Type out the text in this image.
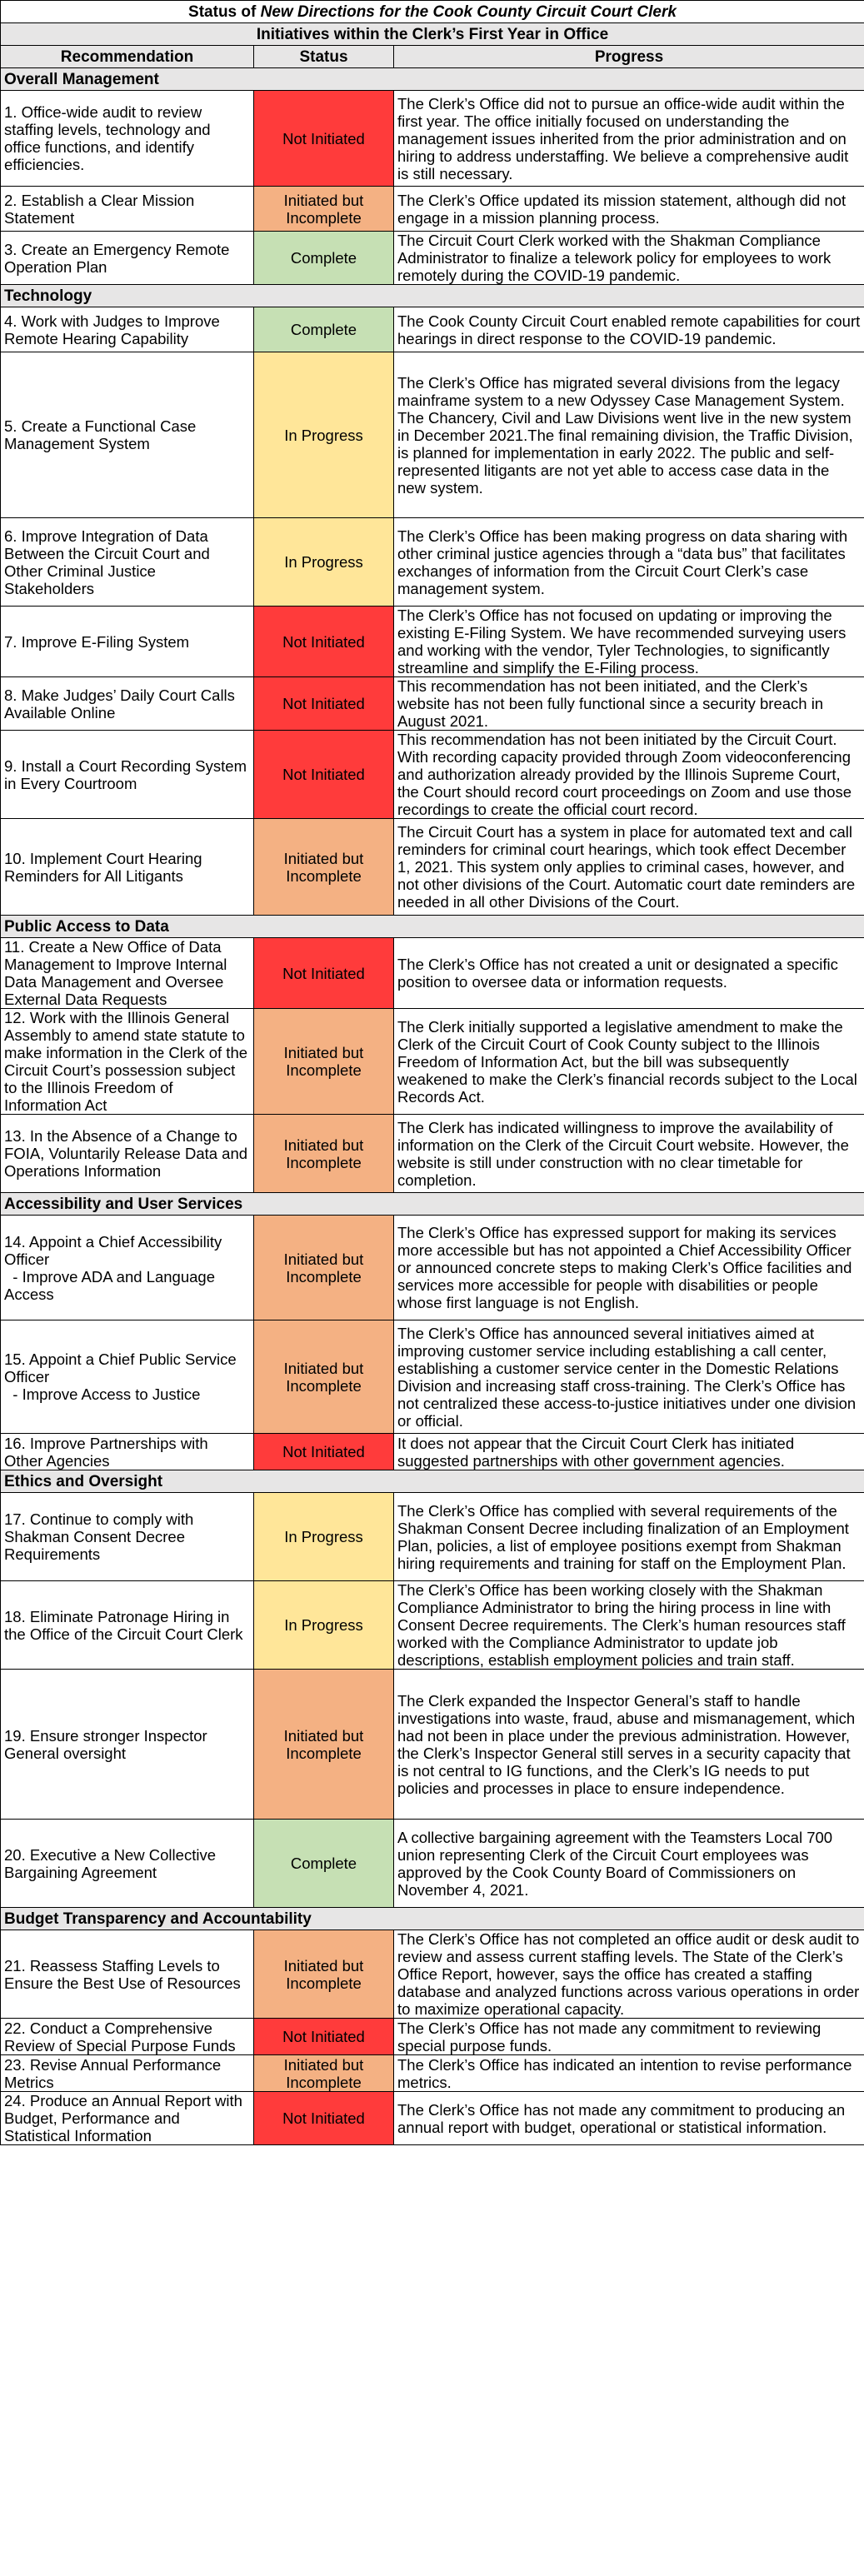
Status of New Directions for the Cook County Circuit Court Clerk		
Initiatives within the Clerk’s First Year in Office		
Recommendation	Status	Progress
Overall Management		
1. Office-wide audit to review staffing levels, technology and office functions, and identify efficiencies.	Not Initiated	The Clerk’s Office did not to pursue an office-wide audit within the first year. The office initially focused on understanding the management issues inherited from the prior administration and on hiring to address understaffing. We believe a comprehensive audit is still necessary.
2. Establish a Clear Mission Statement	Initiated but Incomplete	The Clerk’s Office updated its mission statement, although did not engage in a mission planning process.
3. Create an Emergency Remote Operation Plan	Complete	The Circuit Court Clerk worked with the Shakman Compliance Administrator to finalize a telework policy for employees to work remotely during the COVID-19 pandemic.
Technology		
4. Work with Judges to Improve Remote Hearing Capability	Complete	The Cook County Circuit Court enabled remote capabilities for court hearings in direct response to the COVID-19 pandemic.
5. Create a Functional Case Management System	In Progress	The Clerk’s Office has migrated several divisions from the legacy mainframe system to a new Odyssey Case Management System. The Chancery, Civil and Law Divisions went live in the new system in December 2021.The final remaining division, the Traffic Division, is planned for implementation in early 2022. The public and self-represented litigants are not yet able to access case data in the new system.
6. Improve Integration of Data Between the Circuit Court and Other Criminal Justice Stakeholders	In Progress	The Clerk’s Office has been making progress on data sharing with other criminal justice agencies through a “data bus” that facilitates exchanges of information from the Circuit Court Clerk’s case management system.
7. Improve E-Filing System	Not Initiated	The Clerk’s Office has not focused on updating or improving the existing E-Filing System. We have recommended surveying users and working with the vendor, Tyler Technologies, to significantly streamline and simplify the E-Filing process.
8. Make Judges’ Daily Court Calls Available Online	Not Initiated	This recommendation has not been initiated, and the Clerk’s website has not been fully functional since a security breach in August 2021.
9. Install a Court Recording System in Every Courtroom	Not Initiated	This recommendation has not been initiated by the Circuit Court. With recording capacity provided through Zoom videoconferencing and authorization already provided by the Illinois Supreme Court, the Court should record court proceedings on Zoom and use those recordings to create the official court record.
10. Implement Court Hearing Reminders for All Litigants	Initiated but Incomplete	The Circuit Court has a system in place for automated text and call reminders for criminal court hearings, which took effect December 1, 2021. This system only applies to criminal cases, however, and not other divisions of the Court. Automatic court date reminders are needed in all other Divisions of the Court.
Public Access to Data		
11. Create a New Office of Data Management to Improve Internal Data Management and Oversee External Data Requests	Not Initiated	The Clerk’s Office has not created a unit or designated a specific position to oversee data or information requests.
12. Work with the Illinois General Assembly to amend state statute to make information in the Clerk of the Circuit Court’s possession subject to the Illinois Freedom of Information Act	Initiated but Incomplete	The Clerk initially supported a legislative amendment to make the Clerk of the Circuit Court of Cook County subject to the Illinois Freedom of Information Act, but the bill was subsequently weakened to make the Clerk’s financial records subject to the Local Records Act.
13. In the Absence of a Change to FOIA, Voluntarily Release Data and Operations Information	Initiated but Incomplete	The Clerk has indicated willingness to improve the availability of information on the Clerk of the Circuit Court website. However, the website is still under construction with no clear timetable for completion.
Accessibility and User Services		
14. Appoint a Chief Accessibility Officer
- Improve ADA and Language Access	Initiated but Incomplete	The Clerk’s Office has expressed support for making its services more accessible but has not appointed a Chief Accessibility Officer or announced concrete steps to making Clerk’s Office facilities and services more accessible for people with disabilities or people whose first language is not English.
15. Appoint a Chief Public Service Officer
- Improve Access to Justice	Initiated but Incomplete	The Clerk’s Office has announced several initiatives aimed at improving customer service including establishing a call center, establishing a customer service center in the Domestic Relations Division and increasing staff cross-training. The Clerk’s Office has not centralized these access-to-justice initiatives under one division or official.
16. Improve Partnerships with Other Agencies	Not Initiated	It does not appear that the Circuit Court Clerk has initiated suggested partnerships with other government agencies.
Ethics and Oversight		
17. Continue to comply with Shakman Consent Decree Requirements	In Progress	The Clerk’s Office has complied with several requirements of the Shakman Consent Decree including finalization of an Employment Plan, policies, a list of employee positions exempt from Shakman hiring requirements and training for staff on the Employment Plan.
18. Eliminate Patronage Hiring in the Office of the Circuit Court Clerk	In Progress	The Clerk’s Office has been working closely with the Shakman Compliance Administrator to bring the hiring process in line with Consent Decree requirements. The Clerk’s human resources staff worked with the Compliance Administrator to update job descriptions, establish employment policies and train staff.
19. Ensure stronger Inspector General oversight	Initiated but Incomplete	The Clerk expanded the Inspector General’s staff to handle investigations into waste, fraud, abuse and mismanagement, which had not been in place under the previous administration. However, the Clerk’s Inspector General still serves in a security capacity that is not central to IG functions, and the Clerk’s IG needs to put policies and processes in place to ensure independence.
20. Executive a New Collective Bargaining Agreement	Complete	A collective bargaining agreement with the Teamsters Local 700 union representing Clerk of the Circuit Court employees was approved by the Cook County Board of Commissioners on November 4, 2021.
Budget Transparency and Accountability		
21. Reassess Staffing Levels to Ensure the Best Use of Resources	Initiated but Incomplete	The Clerk’s Office has not completed an office audit or desk audit to review and assess current staffing levels. The State of the Clerk’s Office Report, however, says the office has created a staffing database and analyzed functions across various operations in order to maximize operational capacity.
22. Conduct a Comprehensive Review of Special Purpose Funds	Not Initiated	The Clerk’s Office has not made any commitment to reviewing special purpose funds.
23. Revise Annual Performance Metrics	Initiated but Incomplete	The Clerk’s Office has indicated an intention to revise performance metrics.
24. Produce an Annual Report with Budget, Performance and Statistical Information	Not Initiated	The Clerk’s Office has not made any commitment to producing an annual report with budget, operational or statistical information.
